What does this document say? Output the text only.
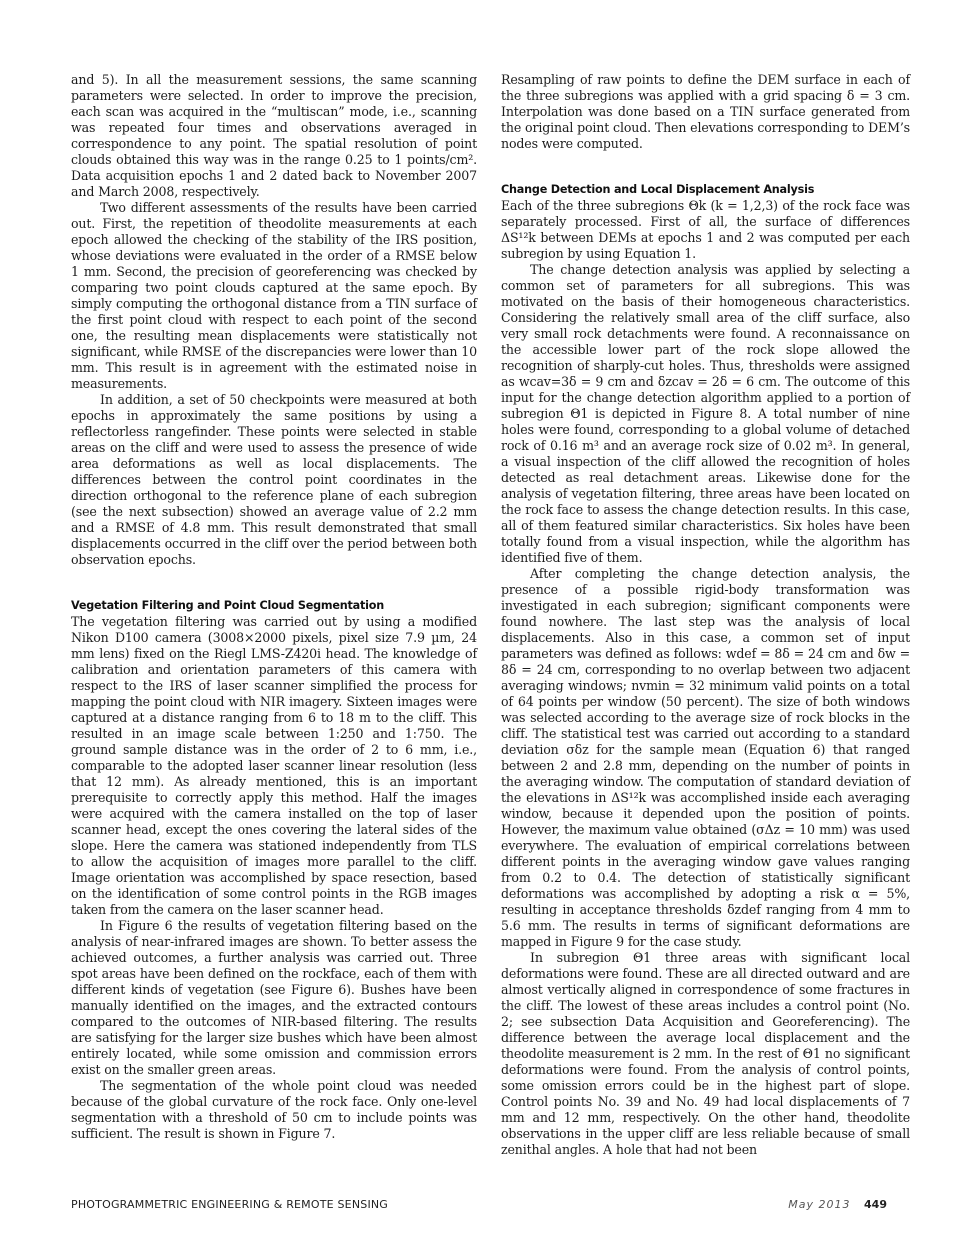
and 5). In all the measurement sessions, the same scanning parameters were selected. In order to improve the precision, each scan was acquired in the “multiscan” mode, i.e., scanning was repeated four times and observations averaged in correspondence to any point. The spatial resolution of point clouds obtained this way was in the range 0.25 to 1 points/cm². Data acquisition epochs 1 and 2 dated back to November 2007 and March 2008, respectively.

Two different assessments of the results have been carried out. First, the repetition of theodolite measurements at each epoch allowed the checking of the stability of the IRS position, whose deviations were evaluated in the order of a RMSE below 1 mm. Second, the precision of georeferencing was checked by comparing two point clouds captured at the same epoch. By simply computing the orthogonal distance from a TIN surface of the first point cloud with respect to each point of the second one, the resulting mean displacements were statistically not significant, while RMSE of the discrepancies were lower than 10 mm. This result is in agreement with the estimated noise in measurements.

In addition, a set of 50 checkpoints were measured at both epochs in approximately the same positions by using a reflectorless rangefinder. These points were selected in stable areas on the cliff and were used to assess the presence of wide area deformations as well as local displacements. The differences between the control point coordinates in the direction orthogonal to the reference plane of each subregion (see the next subsection) showed an average value of 2.2 mm and a RMSE of 4.8 mm. This result demonstrated that small displacements occurred in the cliff over the period between both observation epochs.

Vegetation Filtering and Point Cloud Segmentation

The vegetation filtering was carried out by using a modified Nikon D100 camera (3008×2000 pixels, pixel size 7.9 µm, 24 mm lens) fixed on the Riegl LMS-Z420i head. The knowledge of calibration and orientation parameters of this camera with respect to the IRS of laser scanner simplified the process for mapping the point cloud with NIR imagery. Sixteen images were captured at a distance ranging from 6 to 18 m to the cliff. This resulted in an image scale between 1:250 and 1:750. The ground sample distance was in the order of 2 to 6 mm, i.e., comparable to the adopted laser scanner linear resolution (less that 12 mm). As already mentioned, this is an important prerequisite to correctly apply this method. Half the images were acquired with the camera installed on the top of laser scanner head, except the ones covering the lateral sides of the slope. Here the camera was stationed independently from TLS to allow the acquisition of images more parallel to the cliff. Image orientation was accomplished by space resection, based on the identification of some control points in the RGB images taken from the camera on the laser scanner head.

In Figure 6 the results of vegetation filtering based on the analysis of near-infrared images are shown. To better assess the achieved outcomes, a further analysis was carried out. Three spot areas have been defined on the rockface, each of them with different kinds of vegetation (see Figure 6). Bushes have been manually identified on the images, and the extracted contours compared to the outcomes of NIR-based filtering. The results are satisfying for the larger size bushes which have been almost entirely located, while some omission and commission errors exist on the smaller green areas.

The segmentation of the whole point cloud was needed because of the global curvature of the rock face. Only one-level segmentation with a threshold of 50 cm to include points was sufficient. The result is shown in Figure 7.

Resampling of raw points to define the DEM surface in each of the three subregions was applied with a grid spacing δ = 3 cm. Interpolation was done based on a TIN surface generated from the original point cloud. Then elevations corresponding to DEM’s nodes were computed.

Change Detection and Local Displacement Analysis

Each of the three subregions Θk (k = 1,2,3) of the rock face was separately processed. First of all, the surface of differences ΔS¹²k between DEMs at epochs 1 and 2 was computed per each subregion by using Equation 1.

The change detection analysis was applied by selecting a common set of parameters for all subregions. This was motivated on the basis of their homogeneous characteristics. Considering the relatively small area of the cliff surface, also very small rock detachments were found. A reconnaissance on the accessible lower part of the rock slope allowed the recognition of sharply-cut holes. Thus, thresholds were assigned as wcav=3δ = 9 cm and δzcav = 2δ = 6 cm. The outcome of this input for the change detection algorithm applied to a portion of subregion Θ1 is depicted in Figure 8. A total number of nine holes were found, corresponding to a global volume of detached rock of 0.16 m³ and an average rock size of 0.02 m³. In general, a visual inspection of the cliff allowed the recognition of holes detected as real detachment areas. Likewise done for the analysis of vegetation filtering, three areas have been located on the rock face to assess the change detection results. In this case, all of them featured similar characteristics. Six holes have been totally found from a visual inspection, while the algorithm has identified five of them.

After completing the change detection analysis, the presence of a possible rigid-body transformation was investigated in each subregion; significant components were found nowhere. The last step was the analysis of local displacements. Also in this case, a common set of input parameters was defined as follows: wdef = 8δ = 24 cm and δw = 8δ = 24 cm, corresponding to no overlap between two adjacent averaging windows; nvmin = 32 minimum valid points on a total of 64 points per window (50 percent). The size of both windows was selected according to the average size of rock blocks in the cliff. The statistical test was carried out according to a standard deviation σδz for the sample mean (Equation 6) that ranged between 2 and 2.8 mm, depending on the number of points in the averaging window. The computation of standard deviation of the elevations in ΔS¹²k was accomplished inside each averaging window, because it depended upon the position of points. However, the maximum value obtained (σΔz = 10 mm) was used everywhere. The evaluation of empirical correlations between different points in the averaging window gave values ranging from 0.2 to 0.4. The detection of statistically significant deformations was accomplished by adopting a risk α = 5%, resulting in acceptance thresholds δzdef ranging from 4 mm to 5.6 mm. The results in terms of significant deformations are mapped in Figure 9 for the case study.

In subregion Θ1 three areas with significant local deformations were found. These are all directed outward and are almost vertically aligned in correspondence of some fractures in the cliff. The lowest of these areas includes a control point (No. 2; see subsection Data Acquisition and Georeferencing). The difference between the average local displacement and the theodolite measurement is 2 mm. In the rest of Θ1 no significant deformations were found. From the analysis of control points, some omission errors could be in the highest part of slope. Control points No. 39 and No. 49 had local displacements of 7 mm and 12 mm, respectively. On the other hand, theodolite observations in the upper cliff are less reliable because of small zenithal angles. A hole that had not been

PHOTOGRAMMETRIC ENGINEERING & REMOTE SENSING	May 2013 449
